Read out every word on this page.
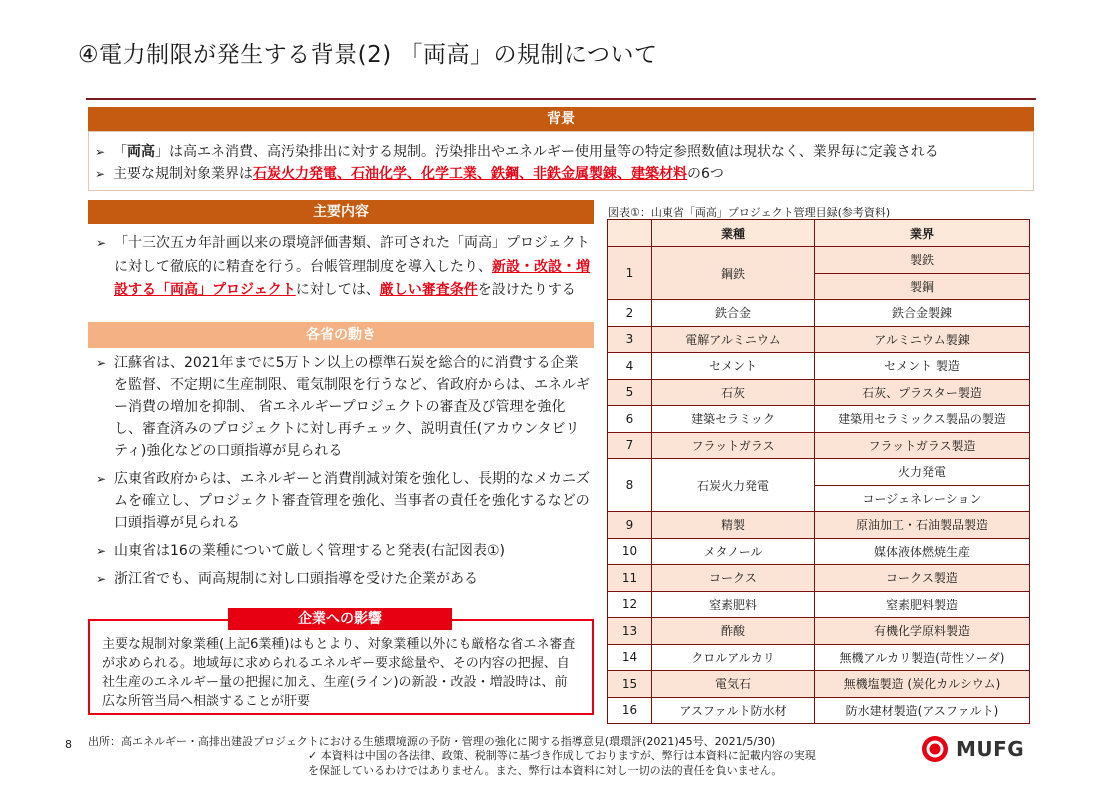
④電力制限が発生する背景(2) 「両高」の規制について
背景
➢ 「両高」は高エネ消費、高汚染排出に対する規制。汚染排出やエネルギー使用量等の特定参照数値は現状なく、業界毎に定義される
➢ 主要な規制対象業界は石炭火力発電、石油化学、化学工業、鉄鋼、非鉄金属製錬、建築材料の6つ
主要内容
➢ 「十三次五カ年計画以来の環境評価書類、許可された「両高」プロジェクトに対して徹底的に精査を行う。台帳管理制度を導入したり、新設・改設・増設する「両高」プロジェクトに対しては、厳しい審査条件を設けたりする
各省の動き
➢ 江蘇省は、2021年までに5万トン以上の標準石炭を総合的に消費する企業を監督、不定期に生産制限、電気制限を行うなど、省政府からは、エネルギー消費の増加を抑制、 省エネルギープロジェクトの審査及び管理を強化し、審査済みのプロジェクトに対し再チェック、説明責任(アカウンタビリティ)強化などの口頭指導が見られる
➢ 広東省政府からは、エネルギーと消費削減対策を強化し、長期的なメカニズムを確立し、プロジェクト審査管理を強化、当事者の責任を強化するなどの口頭指導が見られる
➢ 山東省は16の業種について厳しく管理すると発表(右記図表①)
➢ 浙江省でも、両高規制に対し口頭指導を受けた企業がある
主要な規制対象業種(上記6業種)はもとより、対象業種以外にも厳格な省エネ審査が求められる。地域毎に求められるエネルギー要求総量や、その内容の把握、自社生産のエネルギー量の把握に加え、生産(ライン)の新設・改設・増設時は、前広な所管当局へ相談することが肝要
企業への影響
図表①：山東省「両高」プロジェクト管理目録(参考資料)
	業種	業界
1	鋼鉄	製鉄
		製鋼
2	鉄合金	鉄合金製錬
3	電解アルミニウム	アルミニウム製錬
4	セメント	セメント 製造
5	石灰	石灰、プラスター製造
6	建築セラミック	建築用セラミックス製品の製造
7	フラットガラス	フラットガラス製造
8	石炭火力発電	火力発電
		コージェネレーション
9	精製	原油加工・石油製品製造
10	メタノール	媒体液体燃焼生産
11	コークス	コークス製造
12	窒素肥料	窒素肥料製造
13	酢酸	有機化学原料製造
14	クロルアルカリ	無機アルカリ製造(苛性ソーダ)
15	電気石	無機塩製造 (炭化カルシウム)
16	アスファルト防水材	防水建材製造(アスファルト)
8 出所：高エネルギー・高排出建設プロジェクトにおける生態環境源の予防・管理の強化に関する指導意見(環環評(2021)45号、2021/5/30)
✓ 本資料は中国の各法律、政策、税制等に基づき作成しておりますが、弊行は本資料に記載内容の実現
を保証しているわけではありません。また、弊行は本資料に対し一切の法的責任を負いません。
MUFG
